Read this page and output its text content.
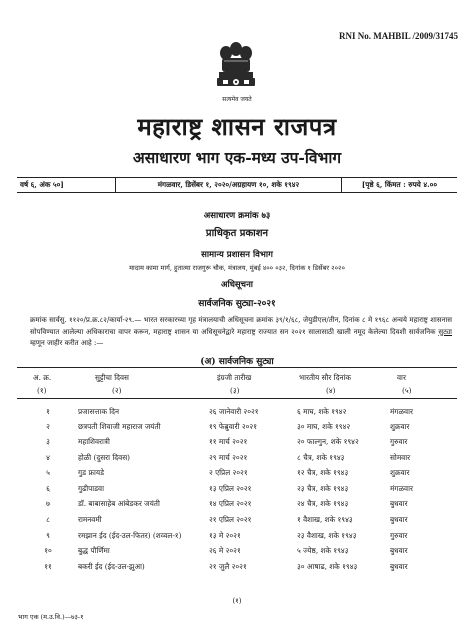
RNI No. MAHBIL /2009/31745
सत्यमेव जयते
महाराष्ट्र शासन राजपत्र
असाधारण भाग एक-मध्य उप-विभाग
वर्ष ६, अंक ५०]	मंगळवार, डिसेंबर १, २०२०/अग्रहायण १०, शके १९४२	[पृष्ठे ६, किंमत : रुपये ४.००
असाधारण क्रमांक ७३
प्राधिकृत प्रकाशन
सामान्य प्रशासन विभाग
मादाम कामा मार्ग, हुतात्मा राजगुरू चौक, मंत्रालय, मुंबई ४०० ०३२, दिनांक १ डिसेंबर २०२०
अधिसूचना
सार्वजनिक सुट्या-२०२१
क्रमांक सार्वसु. ११२०/प्र.क्र.८२/कार्या-२९.— भारत सरकारच्या गृह मंत्रालयाची अधिसूचना क्रमांक ३९/१/६८, जेयुडीएल/तीन, दिनांक ८ मे १९६८ अन्वये महाराष्ट्र शासनास सोपविण्यात आलेल्या अधिकाराचा वापर करून, महाराष्ट्र शासन या अधिसूचनेद्वारे महाराष्ट्र राज्यात सन २०२१ सालासाठी खाली नमूद केलेल्या दिवशी सार्वजनिक सुट्या म्हणून जाहीर करीत आहे :—
(अ) सार्वजनिक सुट्या
अ. क्र.	सुट्टीचा दिवस	इंग्रजी तारीख	भारतीय सौर दिनांक	वार
(१)	(२)	(३)	(४)	(५)
१	प्रजासत्ताक दिन	२६ जानेवारी २०२१	६ माघ, शके १९४२	मंगळवार
२	छत्रपती शिवाजी महाराज जयंती	१९ फेब्रुवारी २०२१	३० माघ, शके १९४२	शुक्रवार
३	महाशिवरात्री	११ मार्च २०२१	२० फाल्गुन, शके १९४२	गुरुवार
४	होळी (दुसरा दिवस)	२९ मार्च २०२१	८ चैत्र, शके १९४३	सोमवार
५	गुड फ्रायडे	२ एप्रिल २०२१	१२ चैत्र, शके १९४३	शुक्रवार
६	गुढीपाडवा	१३ एप्रिल २०२१	२३ चैत्र, शके १९४३	मंगळवार
७	डॉ. बाबासाहेब आंबेडकर जयंती	१४ एप्रिल २०२१	२४ चैत्र, शके १९४३	बुधवार
८	रामनवमी	२१ एप्रिल २०२१	१ वैशाख, शके १९४३	बुधवार
९	रमझान ईद (ईद-उल-फितर) (शव्वल-१)	१३ मे २०२१	२३ वैशाख, शके १९४३	गुरुवार
१०	बुद्ध पौर्णिमा	२६ मे २०२१	५ ज्येष्ठ, शके १९४३	बुधवार
११	बकरी ईद (ईद-उल-झुआ)	२१ जुलै २०२१	३० आषाढ, शके १९४३	बुधवार
(१)
भाग एक (म.उ.वि.)—७३-१
